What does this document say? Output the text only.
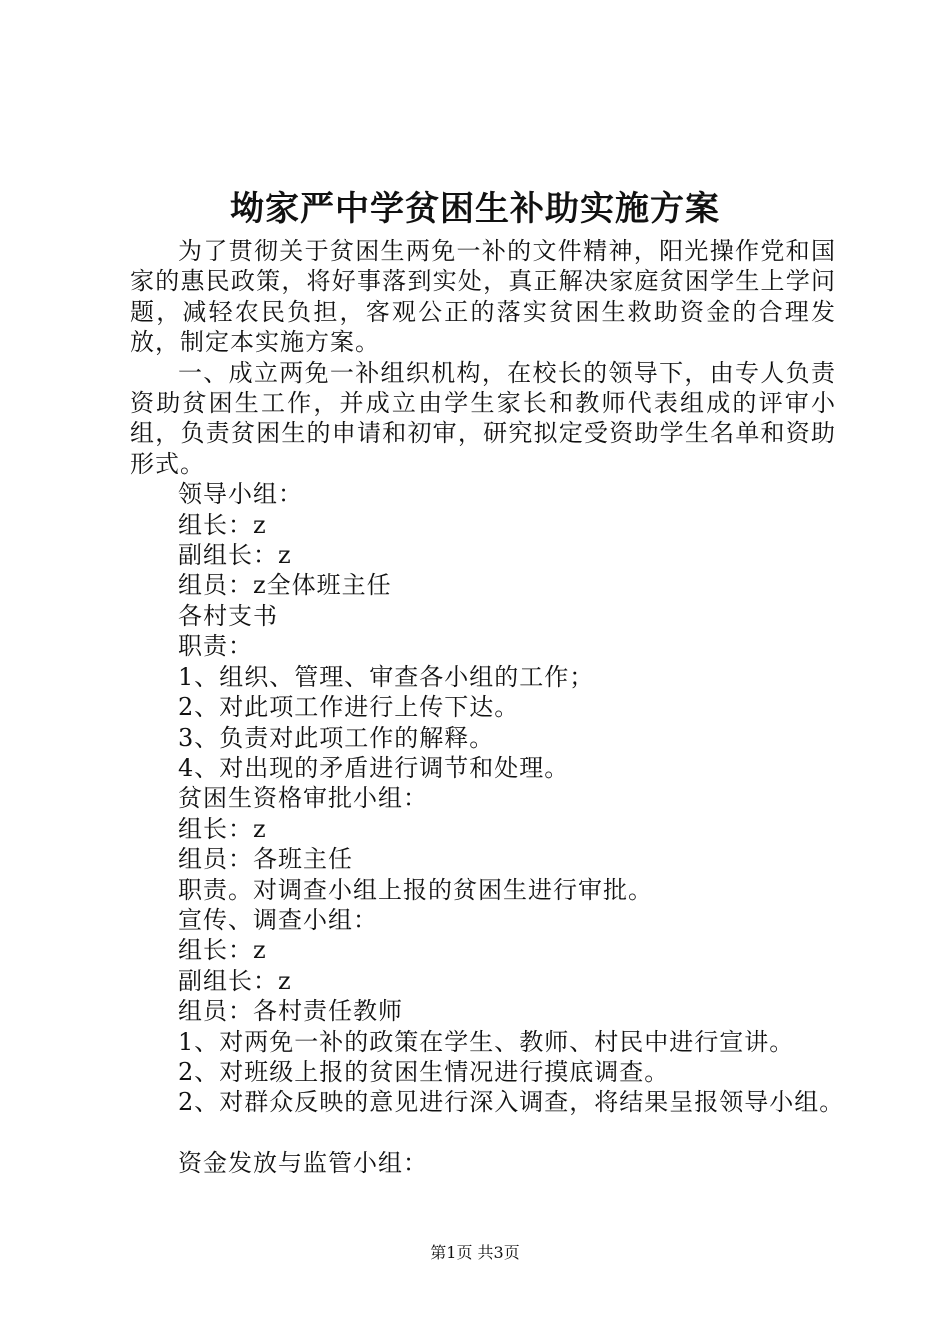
坳家严中学贫困生补助实施方案

为了贯彻关于贫困生两免一补的文件精神，阳光操作党和国家的惠民政策，将好事落到实处，真正解决家庭贫困学生上学问题，减轻农民负担，客观公正的落实贫困生救助资金的合理发放，制定本实施方案。

一、成立两免一补组织机构，在校长的领导下，由专人负责资助贫困生工作，并成立由学生家长和教师代表组成的评审小组，负责贫困生的申请和初审，研究拟定受资助学生名单和资助形式。

领导小组：

组长：z

副组长：z

组员：z全体班主任

各村支书

职责：

1、组织、管理、审查各小组的工作；

2、对此项工作进行上传下达。

3、负责对此项工作的解释。

4、对出现的矛盾进行调节和处理。

贫困生资格审批小组：

组长：z

组员：各班主任

职责。对调查小组上报的贫困生进行审批。

宣传、调查小组：

组长：z

副组长：z

组员：各村责任教师

1、对两免一补的政策在学生、教师、村民中进行宣讲。

2、对班级上报的贫困生情况进行摸底调查。

2、对群众反映的意见进行深入调查，将结果呈报领导小组。

资金发放与监管小组：

第1页 共3页
